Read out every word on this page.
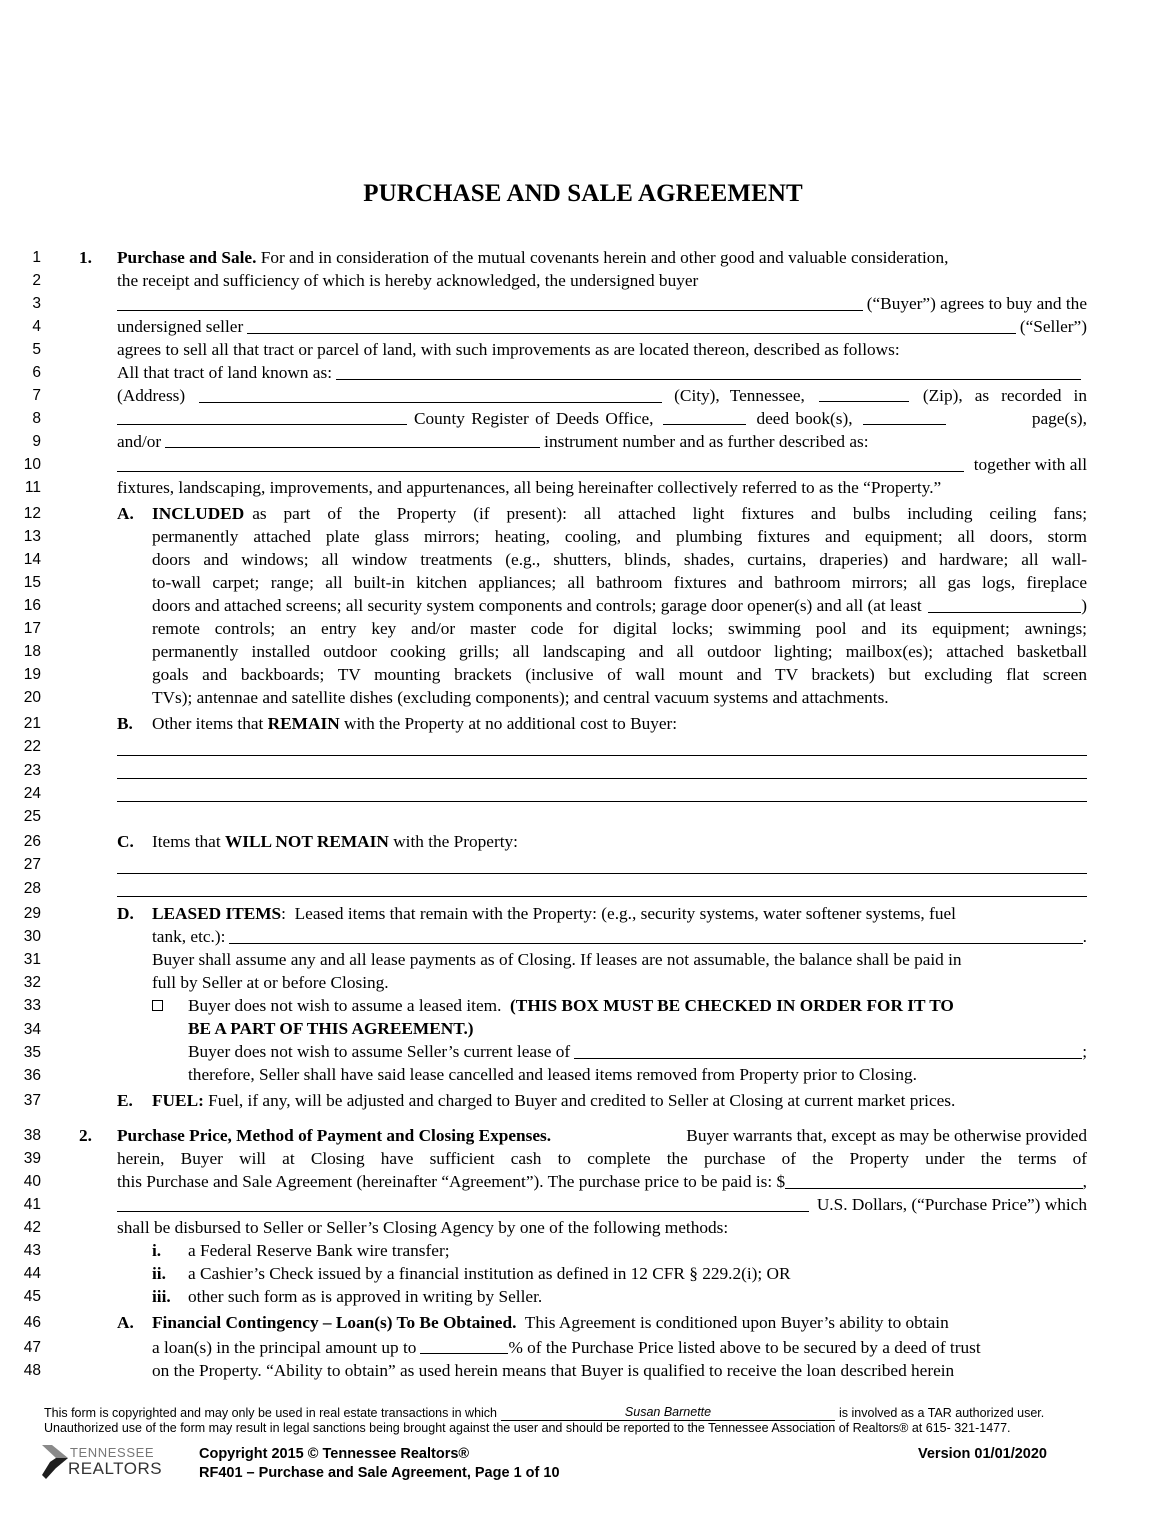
PURCHASE AND SALE AGREEMENT
1
2
3
4
5
6
7
8
9
10
11
12
13
14
15
16
17
18
19
20
21
22
23
24
25
26
27
28
29
30
31
32
33
34
35
36
37
38
39
40
41
42
43
44
45
46
47
48
1. Purchase and Sale. For and in consideration of the mutual covenants herein and other good and valuable consideration,
the receipt and sufficiency of which is hereby acknowledged, the undersigned buyer
(“Buyer”) agrees to buy and the
undersigned seller	(“Seller”)
agrees to sell all that tract or parcel of land, with such improvements as are located thereon, described as follows:
All that tract of land known as:
(Address)	(City), Tennessee,	(Zip), as recorded in
County Register of Deeds Office,	deed book(s),	page(s),
and/or	instrument number and as further described as:
together with all
fixtures, landscaping, improvements, and appurtenances, all being hereinafter collectively referred to as the “Property.”
A. INCLUDED as part of the Property (if present): all attached light fixtures and bulbs including ceiling fans;
permanently attached plate glass mirrors; heating, cooling, and plumbing fixtures and equipment; all doors, storm
doors and windows; all window treatments (e.g., shutters, blinds, shades, curtains, draperies) and hardware; all wall-
to-wall carpet; range; all built-in kitchen appliances; all bathroom fixtures and bathroom mirrors; all gas logs, fireplace
doors and attached screens; all security system components and controls; garage door opener(s) and all (at least	)
remote controls; an entry key and/or master code for digital locks; swimming pool and its equipment; awnings;
permanently installed outdoor cooking grills; all landscaping and all outdoor lighting; mailbox(es); attached basketball
goals and backboards; TV mounting brackets (inclusive of wall mount and TV brackets) but excluding flat screen
TVs); antennae and satellite dishes (excluding components); and central vacuum systems and attachments.
B. Other items that REMAIN with the Property at no additional cost to Buyer:
C. Items that WILL NOT REMAIN with the Property:
D. LEASED ITEMS :  Leased items that remain with the Property: (e.g., security systems, water softener systems, fuel
tank, etc.):	.
Buyer shall assume any and all lease payments as of Closing. If leases are not assumable, the balance shall be paid in
full by Seller at or before Closing.
Buyer does not wish to assume a leased item. (THIS BOX MUST BE CHECKED IN ORDER FOR IT TO
BE A PART OF THIS AGREEMENT.)
Buyer does not wish to assume Seller’s current lease of	;
therefore, Seller shall have said lease cancelled and leased items removed from Property prior to Closing.
E. FUEL: Fuel, if any, will be adjusted and charged to Buyer and credited to Seller at Closing at current market prices.
2. Purchase Price, Method of Payment and Closing Expenses.	Buyer warrants that, except as may be otherwise provided
herein, Buyer will at Closing have sufficient cash to complete the purchase of the Property under the terms of
this Purchase and Sale Agreement (hereinafter “Agreement”). The purchase price to be paid is: $	,
U.S. Dollars, (“Purchase Price”) which
shall be disbursed to Seller or Seller’s Closing Agency by one of the following methods:
i. a Federal Reserve Bank wire transfer;
ii. a Cashier’s Check issued by a financial institution as defined in 12 CFR § 229.2(i); OR
iii. other such form as is approved in writing by Seller.
A. Financial Contingency – Loan(s) To Be Obtained. This Agreement is conditioned upon Buyer’s ability to obtain
a loan(s) in the principal amount up to	% of the Purchase Price listed above to be secured by a deed of trust
on the Property. “Ability to obtain” as used herein means that Buyer is qualified to receive the loan described herein
This form is copyrighted and may only be used in real estate transactions in which	Susan Barnette	is involved as a TAR authorized user.
Unauthorized use of the form may result in legal sanctions being brought against the user and should be reported to the Tennessee Association of Realtors® at 615- 321-1477.
TENNESSEE
REALTORS
Copyright 2015 © Tennessee Realtors®
RF401 – Purchase and Sale Agreement, Page 1 of 10
Version 01/01/2020
